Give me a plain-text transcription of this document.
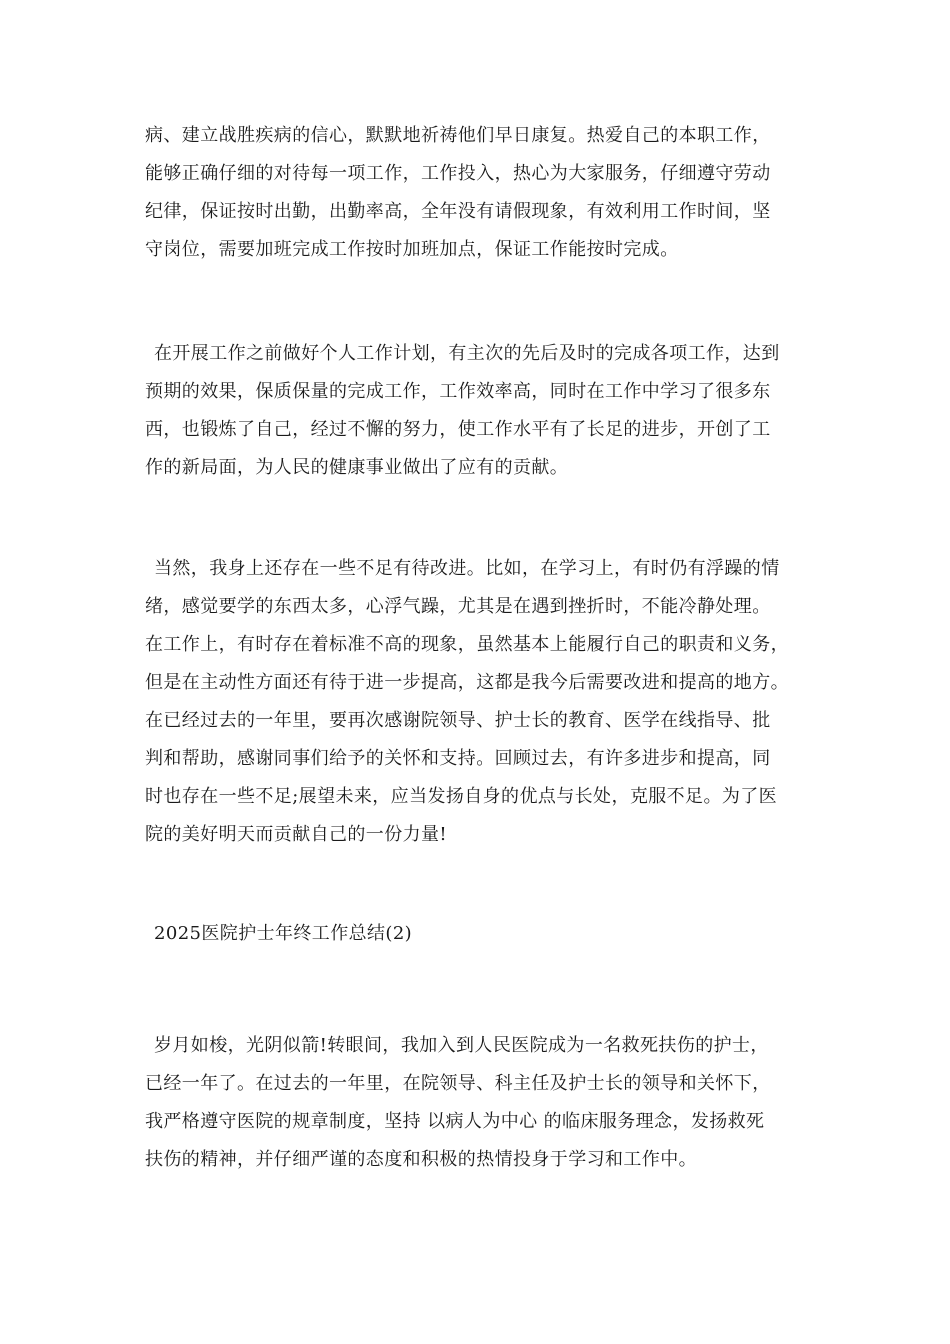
病、建立战胜疾病的信心，默默地祈祷他们早日康复。热爱自己的本职工作，
能够正确仔细的对待每一项工作，工作投入，热心为大家服务，仔细遵守劳动
纪律，保证按时出勤，出勤率高，全年没有请假现象，有效利用工作时间，坚
守岗位，需要加班完成工作按时加班加点，保证工作能按时完成。

在开展工作之前做好个人工作计划，有主次的先后及时的完成各项工作，达到
预期的效果，保质保量的完成工作，工作效率高，同时在工作中学习了很多东
西，也锻炼了自己，经过不懈的努力，使工作水平有了长足的进步，开创了工
作的新局面，为人民的健康事业做出了应有的贡献。

当然，我身上还存在一些不足有待改进。比如，在学习上，有时仍有浮躁的情
绪，感觉要学的东西太多，心浮气躁，尤其是在遇到挫折时，不能冷静处理。
在工作上，有时存在着标准不高的现象，虽然基本上能履行自己的职责和义务，
但是在主动性方面还有待于进一步提高，这都是我今后需要改进和提高的地方。
在已经过去的一年里，要再次感谢院领导、护士长的教育、医学在线指导、批
判和帮助，感谢同事们给予的关怀和支持。回顾过去，有许多进步和提高，同
时也存在一些不足;展望未来，应当发扬自身的优点与长处，克服不足。为了医
院的美好明天而贡献自己的一份力量!

2025医院护士年终工作总结(2)

岁月如梭，光阴似箭!转眼间，我加入到人民医院成为一名救死扶伤的护士，
已经一年了。在过去的一年里，在院领导、科主任及护士长的领导和关怀下，
我严格遵守医院的规章制度，坚持 以病人为中心 的临床服务理念，发扬救死
扶伤的精神，并仔细严谨的态度和积极的热情投身于学习和工作中。
